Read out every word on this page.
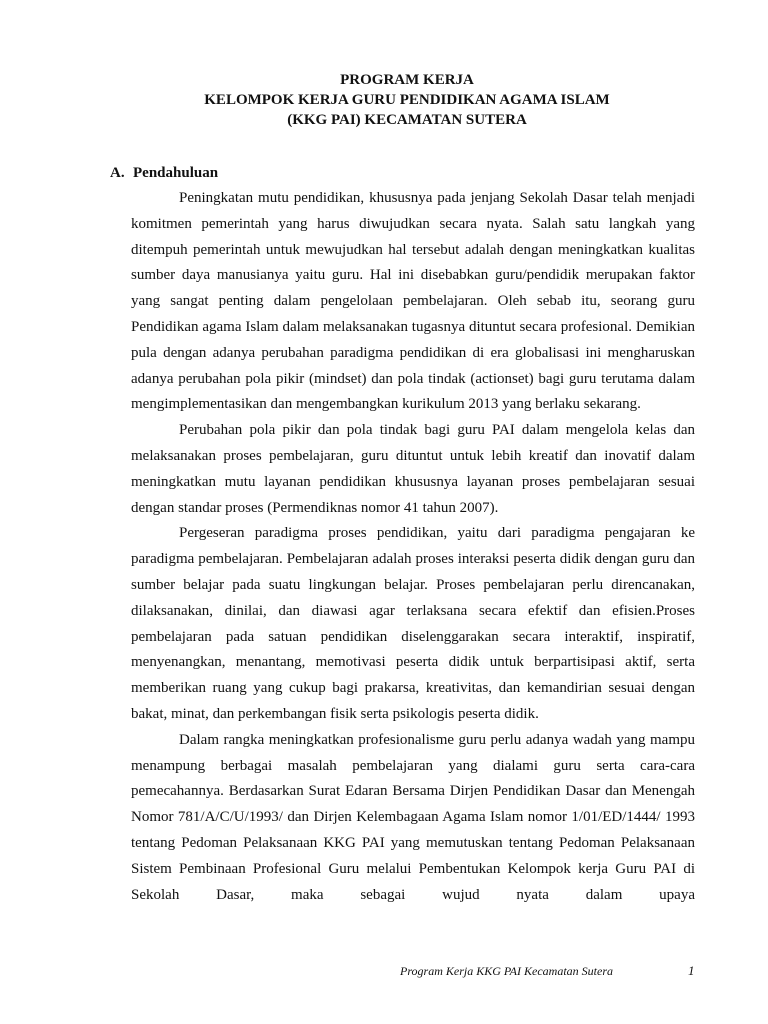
PROGRAM KERJA
KELOMPOK KERJA GURU PENDIDIKAN AGAMA ISLAM
(KKG PAI) KECAMATAN SUTERA
A. Pendahuluan

Peningkatan mutu pendidikan, khususnya pada jenjang Sekolah Dasar telah menjadi komitmen pemerintah yang harus diwujudkan secara nyata. Salah satu langkah yang ditempuh pemerintah untuk mewujudkan hal tersebut adalah dengan meningkatkan kualitas sumber daya manusianya yaitu guru. Hal ini disebabkan guru/pendidik merupakan faktor yang sangat penting dalam pengelolaan pembelajaran. Oleh sebab itu, seorang guru Pendidikan agama Islam dalam melaksanakan tugasnya dituntut secara profesional. Demikian pula dengan adanya perubahan paradigma pendidikan di era globalisasi ini mengharuskan adanya perubahan pola pikir (mindset) dan pola tindak (actionset) bagi guru terutama dalam mengimplementasikan dan mengembangkan kurikulum 2013 yang berlaku sekarang.

Perubahan pola pikir dan pola tindak bagi guru PAI dalam mengelola kelas dan melaksanakan proses pembelajaran, guru dituntut untuk lebih kreatif dan inovatif dalam meningkatkan mutu layanan pendidikan khususnya layanan proses pembelajaran sesuai dengan standar proses (Permendiknas nomor 41 tahun 2007).

Pergeseran paradigma proses pendidikan, yaitu dari paradigma pengajaran ke paradigma pembelajaran. Pembelajaran adalah proses interaksi peserta didik dengan guru dan sumber belajar pada suatu lingkungan belajar. Proses pembelajaran perlu direncanakan, dilaksanakan, dinilai, dan diawasi agar terlaksana secara efektif dan efisien.Proses pembelajaran pada satuan pendidikan diselenggarakan secara interaktif, inspiratif, menyenangkan, menantang, memotivasi peserta didik untuk berpartisipasi aktif, serta memberikan ruang yang cukup bagi prakarsa, kreativitas, dan kemandirian sesuai dengan bakat, minat, dan perkembangan fisik serta psikologis peserta didik.

Dalam rangka meningkatkan profesionalisme guru perlu adanya wadah yang mampu menampung berbagai masalah pembelajaran yang dialami guru serta cara-cara pemecahannya. Berdasarkan Surat Edaran Bersama Dirjen Pendidikan Dasar dan Menengah Nomor 781/A/C/U/1993/ dan Dirjen Kelembagaan Agama Islam nomor 1/01/ED/1444/ 1993 tentang Pedoman Pelaksanaan KKG PAI yang memutuskan tentang Pedoman Pelaksanaan Sistem Pembinaan Profesional Guru melalui Pembentukan Kelompok kerja Guru PAI di Sekolah Dasar, maka sebagai wujud nyata dalam upaya

Program Kerja KKG PAI Kecamatan Sutera	1
